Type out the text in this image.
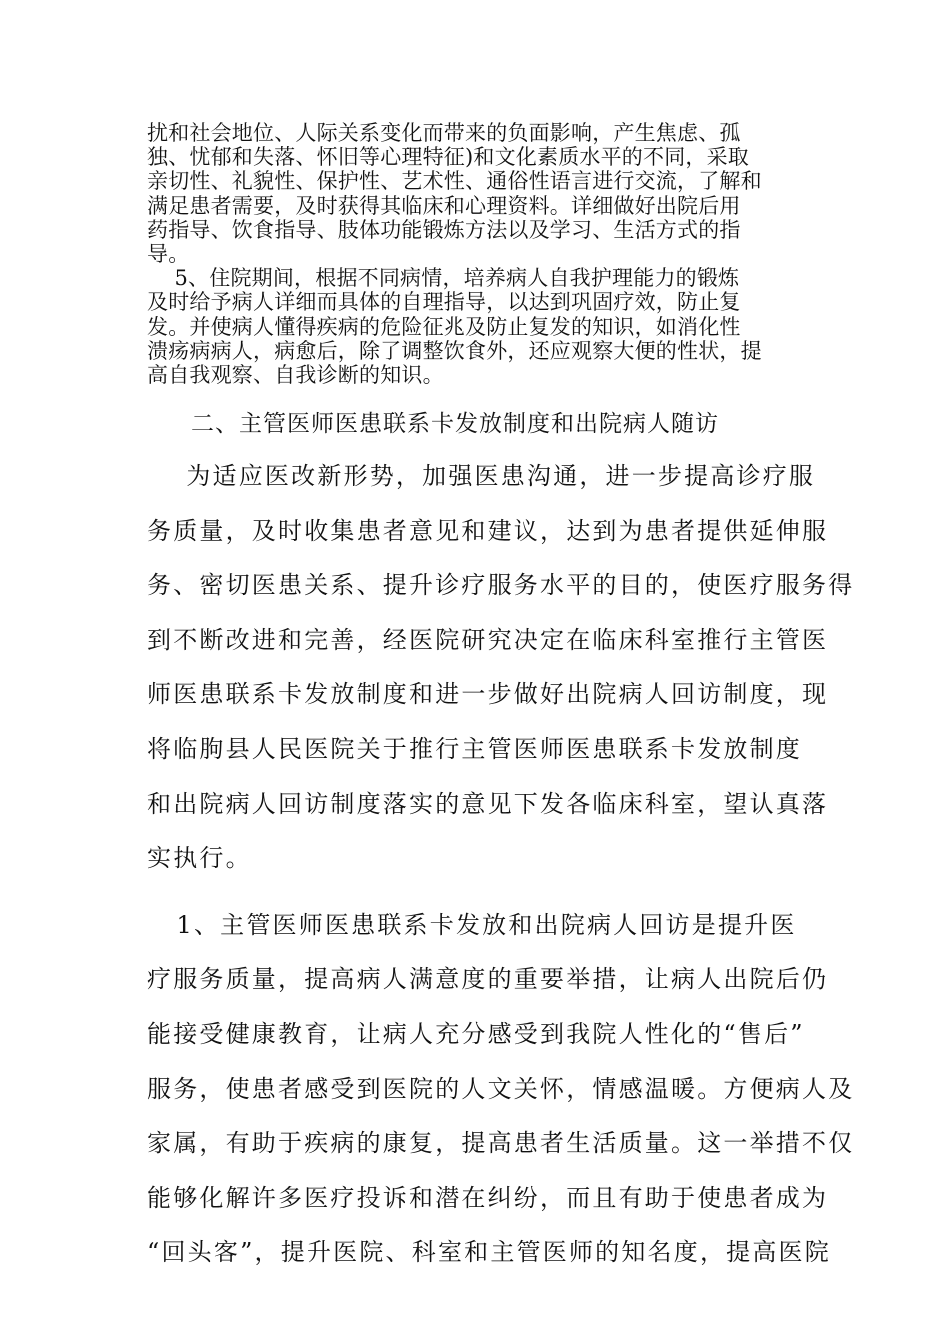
扰和社会地位、人际关系变化而带来的负面影响，产生焦虑、孤
独、忧郁和失落、怀旧等心理特征)和文化素质水平的不同，采取
亲切性、礼貌性、保护性、艺术性、通俗性语言进行交流，了解和
满足患者需要，及时获得其临床和心理资料。详细做好出院后用
药指导、饮食指导、肢体功能锻炼方法以及学习、生活方式的指
导。
5、住院期间，根据不同病情，培养病人自我护理能力的锻炼
及时给予病人详细而具体的自理指导，以达到巩固疗效，防止复
发。并使病人懂得疾病的危险征兆及防止复发的知识，如消化性
溃疡病病人，病愈后，除了调整饮食外，还应观察大便的性状，提
高自我观察、自我诊断的知识。
二、主管医师医患联系卡发放制度和出院病人随访
为适应医改新形势，加强医患沟通，进一步提高诊疗服
务质量，及时收集患者意见和建议，达到为患者提供延伸服
务、密切医患关系、提升诊疗服务水平的目的，使医疗服务得
到不断改进和完善，经医院研究决定在临床科室推行主管医
师医患联系卡发放制度和进一步做好出院病人回访制度，现
将临朐县人民医院关于推行主管医师医患联系卡发放制度
和出院病人回访制度落实的意见下发各临床科室，望认真落
实执行。
1、主管医师医患联系卡发放和出院病人回访是提升医
疗服务质量，提高病人满意度的重要举措，让病人出院后仍
能接受健康教育，让病人充分感受到我院人性化的“售后”
服务，使患者感受到医院的人文关怀，情感温暖。方便病人及
家属，有助于疾病的康复，提高患者生活质量。这一举措不仅
能够化解许多医疗投诉和潜在纠纷，而且有助于使患者成为
“回头客”，提升医院、科室和主管医师的知名度，提高医院
